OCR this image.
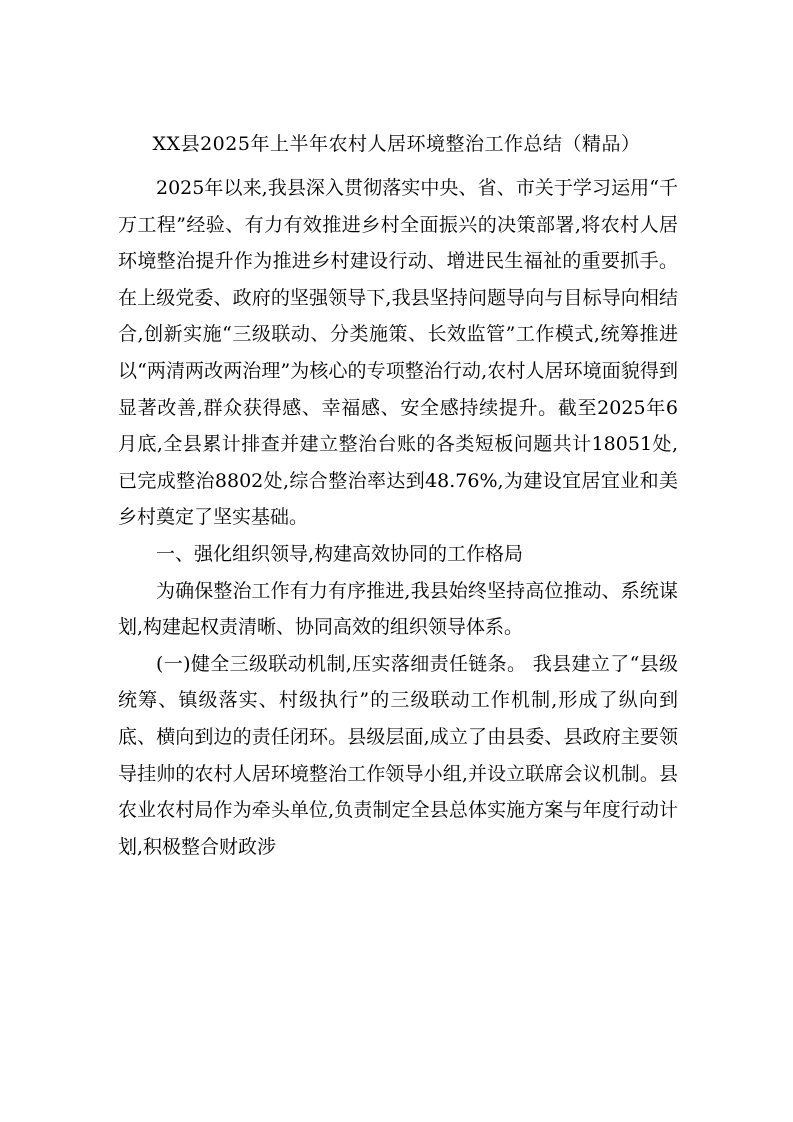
XX县2025年上半年农村人居环境整治工作总结（精品）

2025年以来,我县深入贯彻落实中央、省、市关于学习运用“千万工程”经验、有力有效推进乡村全面振兴的决策部署,将农村人居环境整治提升作为推进乡村建设行动、增进民生福祉的重要抓手。在上级党委、政府的坚强领导下,我县坚持问题导向与目标导向相结合,创新实施“三级联动、分类施策、长效监管”工作模式,统筹推进以“两清两改两治理”为核心的专项整治行动,农村人居环境面貌得到显著改善,群众获得感、幸福感、安全感持续提升。截至2025年6月底,全县累计排查并建立整治台账的各类短板问题共计18051处,已完成整治8802处,综合整治率达到48.76%,为建设宜居宜业和美乡村奠定了坚实基础。

一、强化组织领导,构建高效协同的工作格局

为确保整治工作有力有序推进,我县始终坚持高位推动、系统谋划,构建起权责清晰、协同高效的组织领导体系。

(一)健全三级联动机制,压实落细责任链条。 我县建立了“县级统筹、镇级落实、村级执行”的三级联动工作机制,形成了纵向到底、横向到边的责任闭环。县级层面,成立了由县委、县政府主要领导挂帅的农村人居环境整治工作领导小组,并设立联席会议机制。县农业农村局作为牵头单位,负责制定全县总体实施方案与年度行动计划,积极整合财政涉
